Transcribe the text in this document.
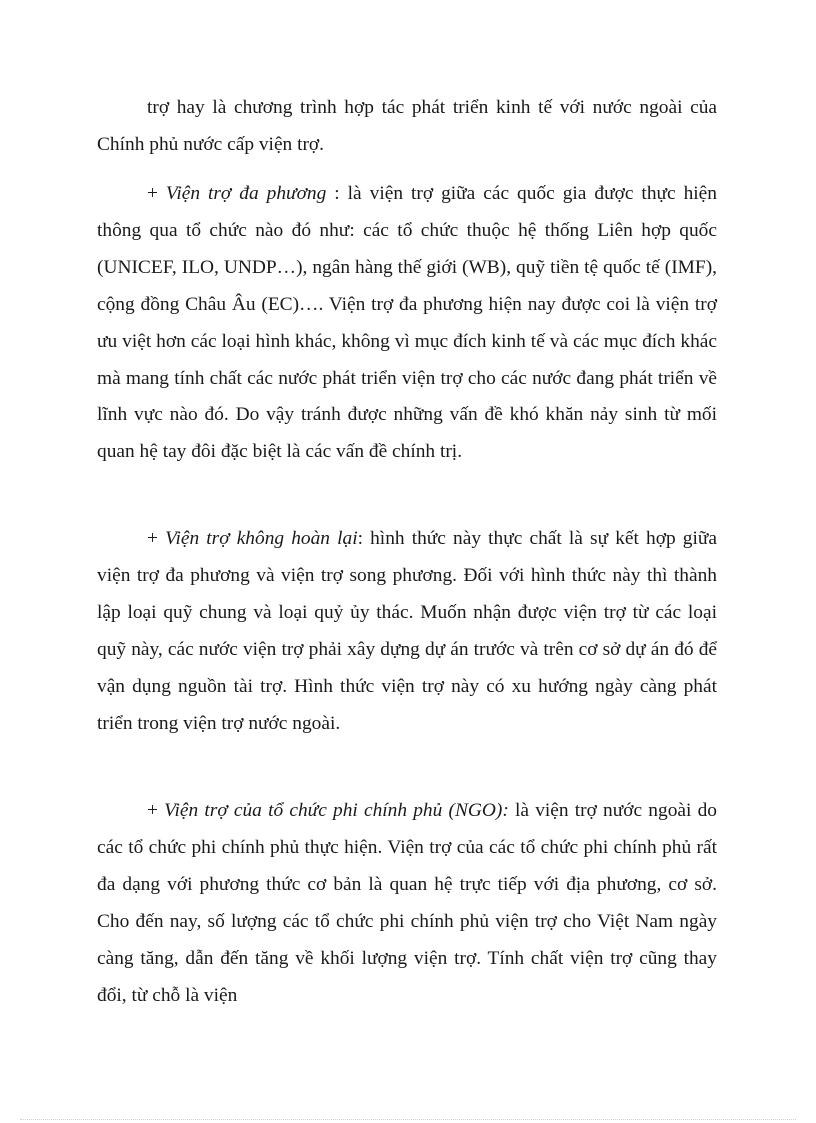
trợ hay là chương trình hợp tác phát triển kinh tế với nước ngoài của Chính phủ nước cấp viện trợ.

+ Viện trợ đa phương : là viện trợ giữa các quốc gia được thực hiện thông qua tổ chức nào đó như: các tổ chức thuộc hệ thống Liên hợp quốc (UNICEF, ILO, UNDP…), ngân hàng thế giới (WB), quỹ tiền tệ quốc tế (IMF), cộng đồng Châu Âu (EC)…. Viện trợ đa phương hiện nay được coi là viện trợ ưu việt hơn các loại hình khác, không vì mục đích kinh tế và các mục đích khác mà mang tính chất các nước phát triển viện trợ cho các nước đang phát triển về lĩnh vực nào đó. Do vậy tránh được những vấn đề khó khăn nảy sinh từ mối quan hệ tay đôi đặc biệt là các vấn đề chính trị.

+ Viện trợ không hoàn lại: hình thức này thực chất là sự kết hợp giữa viện trợ đa phương và viện trợ song phương. Đối với hình thức này thì thành lập loại quỹ chung và loại quỷ ủy thác. Muốn nhận được viện trợ từ các loại quỹ này, các nước viện trợ phải xây dựng dự án trước và trên cơ sở dự án đó để vận dụng nguồn tài trợ. Hình thức viện trợ này có xu hướng ngày càng phát triển trong viện trợ nước ngoài.

+ Viện trợ của tổ chức phi chính phủ (NGO): là viện trợ nước ngoài do các tổ chức phi chính phủ thực hiện. Viện trợ của các tổ chức phi chính phủ rất đa dạng với phương thức cơ bản là quan hệ trực tiếp với địa phương, cơ sở. Cho đến nay, số lượng các tổ chức phi chính phủ viện trợ cho Việt Nam ngày càng tăng, dẫn đến tăng về khối lượng viện trợ. Tính chất viện trợ cũng thay đổi, từ chỗ là viện
